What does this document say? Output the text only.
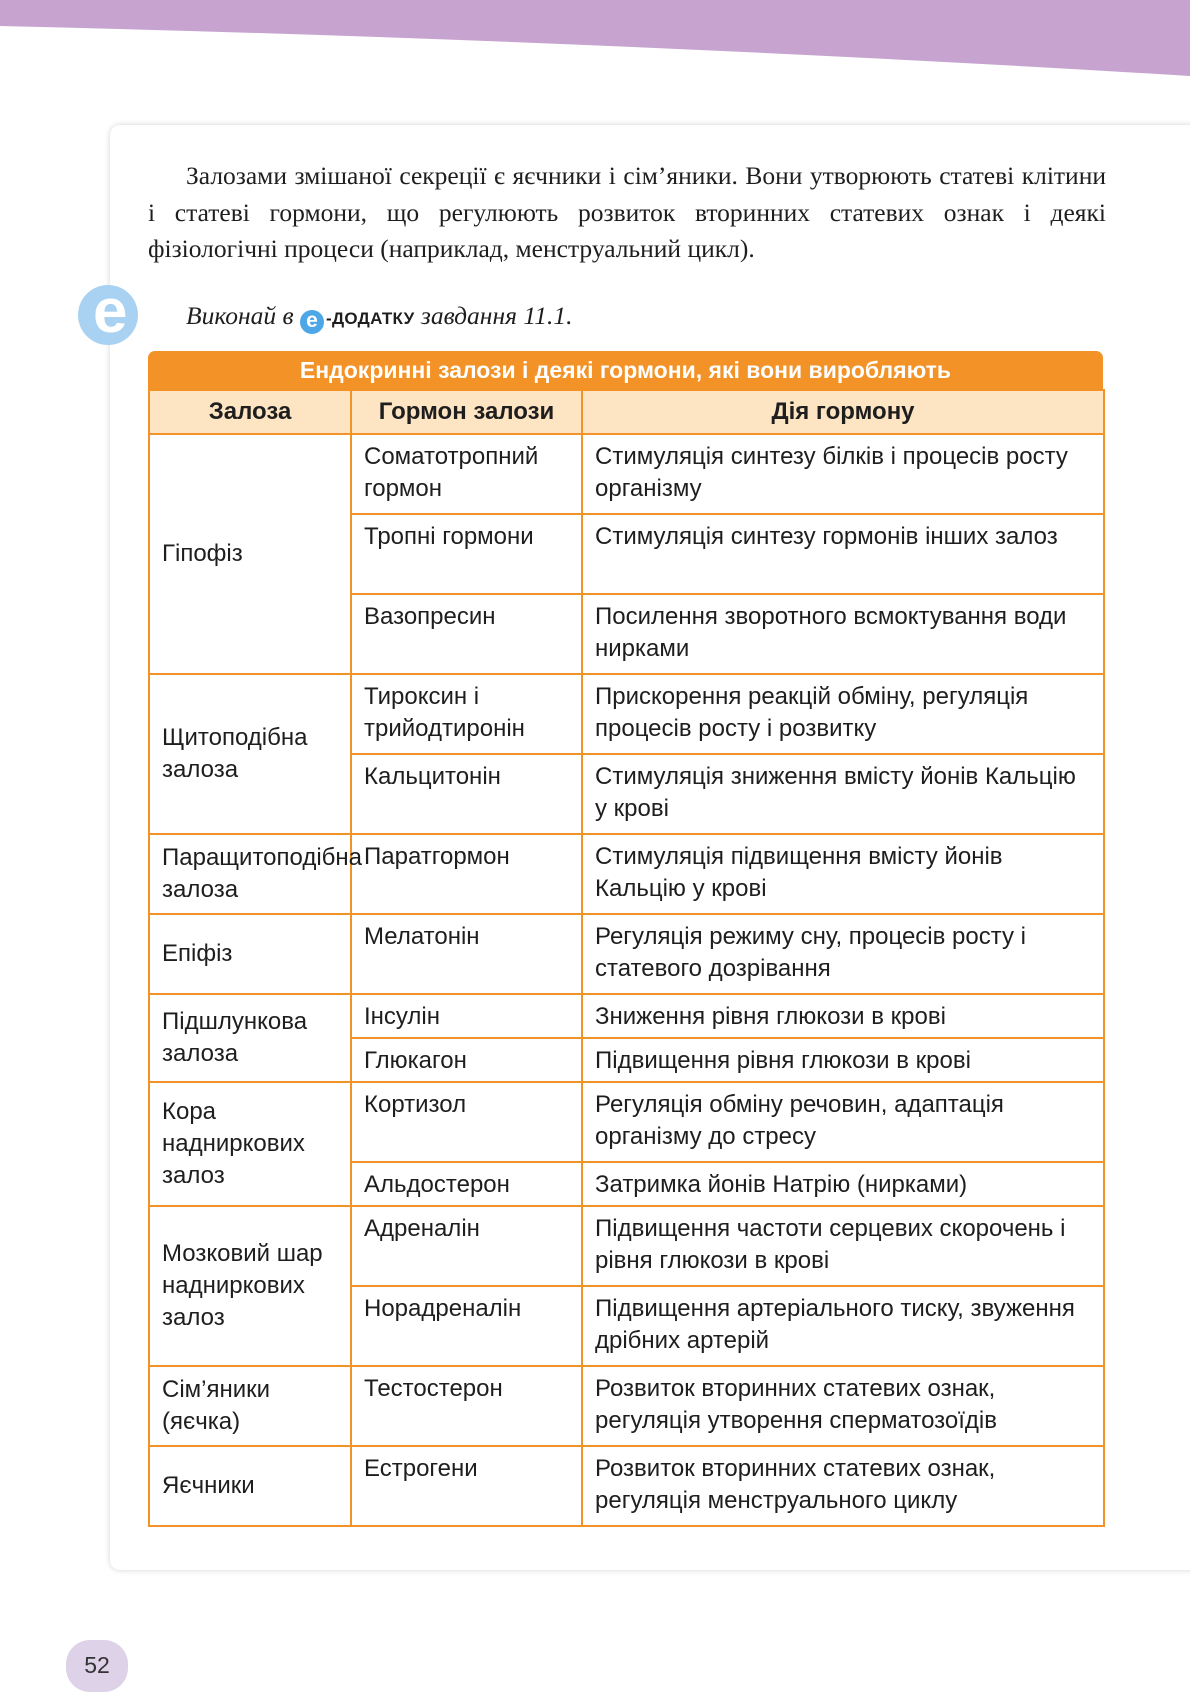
Залозами змішаної секреції є яєчники і сім’яники. Вони утворюють статеві клітини і статеві гормони, що регулюють розвиток вторинних статевих ознак і деякі фізіологічні процеси (наприклад, менструальний цикл).

e Виконай в e -ДОДАТКУ завдання 11.1.
Ендокринні залози і деякі гормони, які вони виробляють
Залоза	Гормон залози	Дія гормону
Гіпофіз	Соматотропний гормон	Стимуляція синтезу білків і процесів росту організму
	Тропні гормони	Стимуляція синтезу гормонів інших залоз
	Вазопресин	Посилення зворотного всмоктування води нирками
Щитоподібна залоза	Тироксин і трийодтиронін	Прискорення реакцій обміну, регуляція процесів росту і розвитку
	Кальцитонін	Стимуляція зниження вмісту йонів Кальцію у крові
Паращитоподібна залоза	Паратгормон	Стимуляція підвищення вмісту йонів Кальцію у крові
Епіфіз	Мелатонін	Регуляція режиму сну, процесів росту і статевого дозрівання
Підшлункова залоза	Інсулін	Зниження рівня глюкози в крові
	Глюкагон	Підвищення рівня глюкози в крові
Кора надниркових залоз	Кортизол	Регуляція обміну речовин, адаптація організму до стресу
	Альдостерон	Затримка йонів Натрію (нирками)
Мозковий шар надниркових залоз	Адреналін	Підвищення частоти серцевих скорочень і рівня глюкози в крові
	Норадреналін	Підвищення артеріального тиску, звуження дрібних артерій
Сім’яники (яєчка)	Тестостерон	Розвиток вторинних статевих ознак, регуляція утворення сперматозоїдів
Яєчники	Естрогени	Розвиток вторинних статевих ознак, регуляція менструального циклу
52
